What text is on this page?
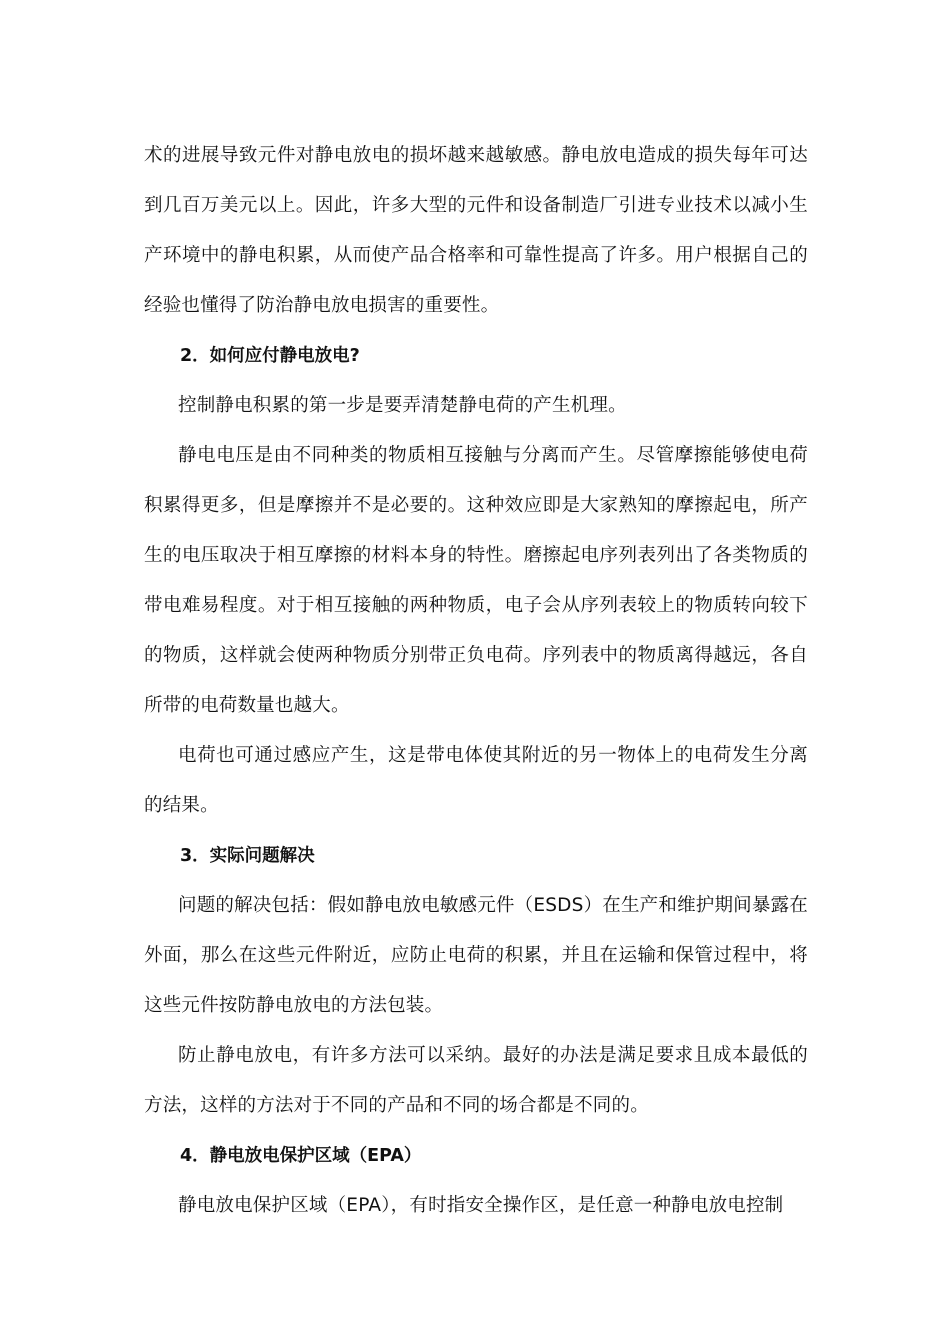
术的进展导致元件对静电放电的损坏越来越敏感。静电放电造成的损失每年可达到几百万美元以上。因此，许多大型的元件和设备制造厂引进专业技术以减小生产环境中的静电积累，从而使产品合格率和可靠性提高了许多。用户根据自己的经验也懂得了防治静电放电损害的重要性。

2．如何应付静电放电?

控制静电积累的第一步是要弄清楚静电荷的产生机理。

静电电压是由不同种类的物质相互接触与分离而产生。尽管摩擦能够使电荷积累得更多，但是摩擦并不是必要的。这种效应即是大家熟知的摩擦起电，所产生的电压取决于相互摩擦的材料本身的特性。磨擦起电序列表列出了各类物质的带电难易程度。对于相互接触的两种物质，电子会从序列表较上的物质转向较下的物质，这样就会使两种物质分别带正负电荷。序列表中的物质离得越远，各自所带的电荷数量也越大。

电荷也可通过感应产生，这是带电体使其附近的另一物体上的电荷发生分离的结果。

3．实际问题解决

问题的解决包括：假如静电放电敏感元件（ESDS）在生产和维护期间暴露在外面，那么在这些元件附近，应防止电荷的积累，并且在运输和保管过程中，将这些元件按防静电放电的方法包装。

防止静电放电，有许多方法可以采纳。最好的办法是满足要求且成本最低的方法，这样的方法对于不同的产品和不同的场合都是不同的。

4．静电放电保护区域（EPA）

静电放电保护区域（EPA），有时指安全操作区，是任意一种静电放电控制
